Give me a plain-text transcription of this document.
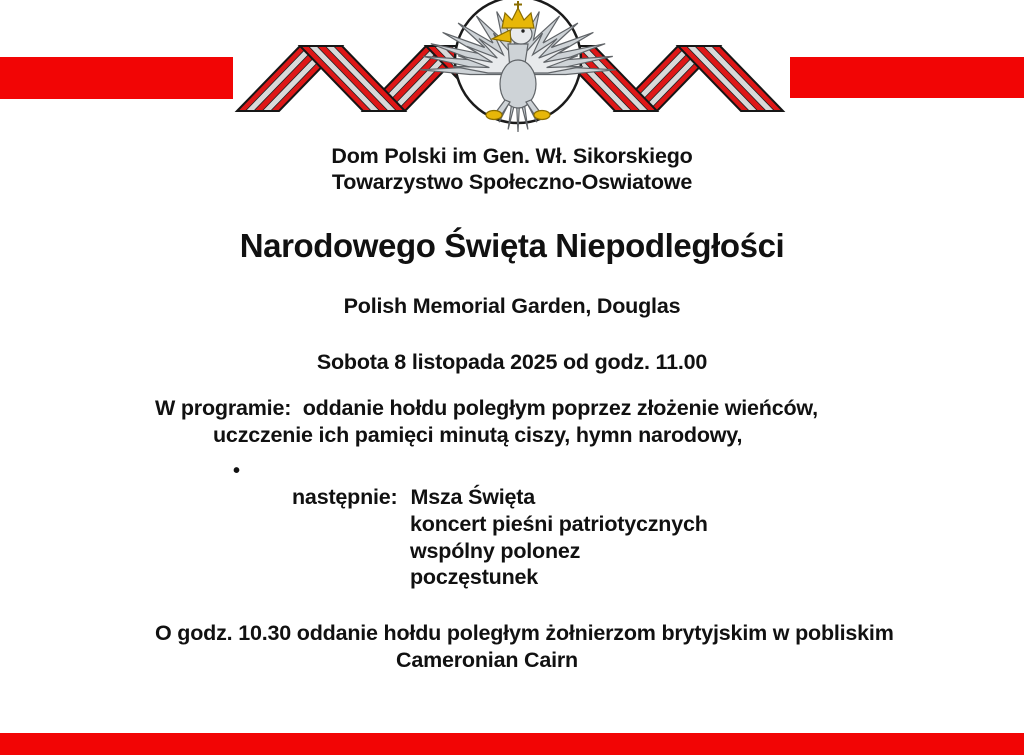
Dom Polski im Gen. Wł. Sikorskiego
Towarzystwo Społeczno-Oswiatowe
Narodowego Święta Niepodległości
Polish Memorial Garden, Douglas
Sobota 8 listopada 2025 od godz. 11.00
W programie:  oddanie hołdu poległym poprzez złożenie wieńców,
uczczenie ich pamięci minutą ciszy, hymn narodowy,
•
następnie: Msza Święta
koncert pieśni patriotycznych
wspólny polonez
poczęstunek
O godz. 10.30 oddanie hołdu poległym żołnierzom brytyjskim w pobliskim
Cameronian Cairn
